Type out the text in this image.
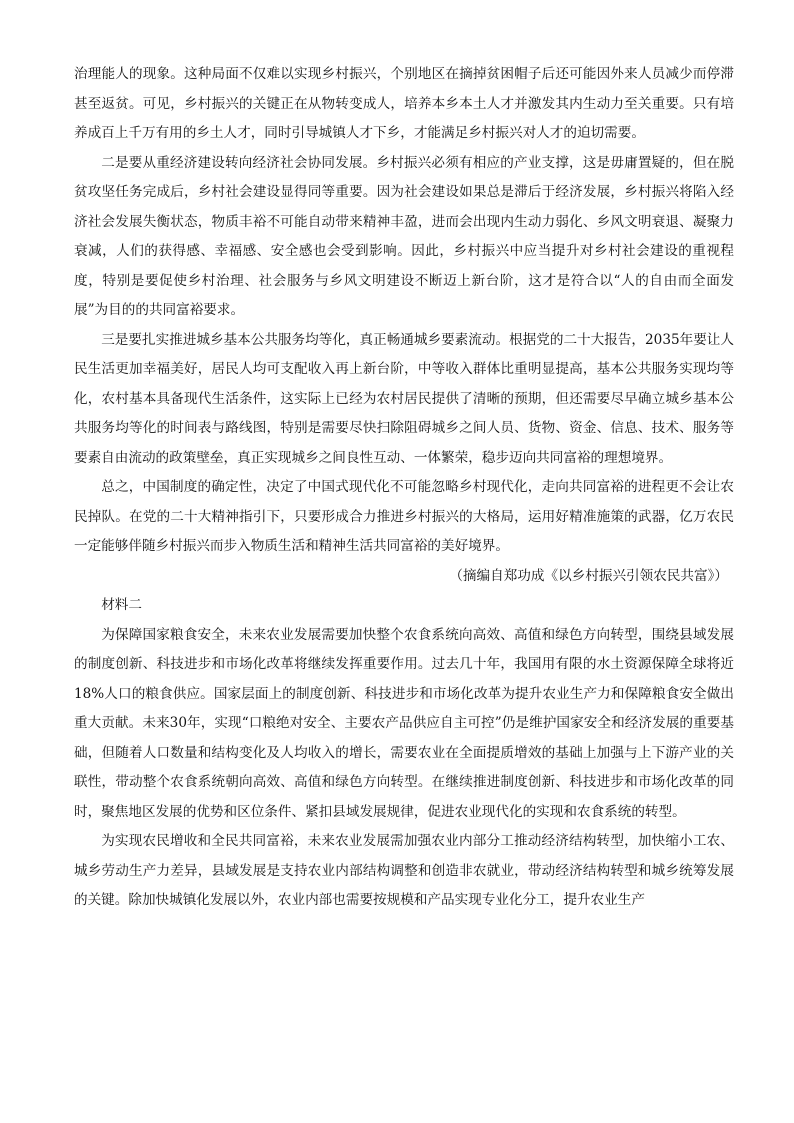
治理能人的现象。这种局面不仅难以实现乡村振兴，个别地区在摘掉贫困帽子后还可能因外来人员减少而停滞甚至返贫。可见，乡村振兴的关键正在从物转变成人，培养本乡本土人才并激发其内生动力至关重要。只有培养成百上千万有用的乡土人才，同时引导城镇人才下乡，才能满足乡村振兴对人才的迫切需要。

二是要从重经济建设转向经济社会协同发展。乡村振兴必须有相应的产业支撑，这是毋庸置疑的，但在脱贫攻坚任务完成后，乡村社会建设显得同等重要。因为社会建设如果总是滞后于经济发展，乡村振兴将陷入经济社会发展失衡状态，物质丰裕不可能自动带来精神丰盈，进而会出现内生动力弱化、乡风文明衰退、凝聚力衰减，人们的获得感、幸福感、安全感也会受到影响。因此，乡村振兴中应当提升对乡村社会建设的重视程度，特别是要促使乡村治理、社会服务与乡风文明建设不断迈上新台阶，这才是符合以“人的自由而全面发展”为目的的共同富裕要求。

三是要扎实推进城乡基本公共服务均等化，真正畅通城乡要素流动。根据党的二十大报告，2035年要让人民生活更加幸福美好，居民人均可支配收入再上新台阶，中等收入群体比重明显提高，基本公共服务实现均等化，农村基本具备现代生活条件，这实际上已经为农村居民提供了清晰的预期，但还需要尽早确立城乡基本公共服务均等化的时间表与路线图，特别是需要尽快扫除阻碍城乡之间人员、货物、资金、信息、技术、服务等要素自由流动的政策壁垒，真正实现城乡之间良性互动、一体繁荣，稳步迈向共同富裕的理想境界。

总之，中国制度的确定性，决定了中国式现代化不可能忽略乡村现代化，走向共同富裕的进程更不会让农民掉队。在党的二十大精神指引下，只要形成合力推进乡村振兴的大格局，运用好精准施策的武器，亿万农民一定能够伴随乡村振兴而步入物质生活和精神生活共同富裕的美好境界。

（摘编自郑功成《以乡村振兴引领农民共富》）

材料二

为保障国家粮食安全，未来农业发展需要加快整个农食系统向高效、高值和绿色方向转型，围绕县域发展的制度创新、科技进步和市场化改革将继续发挥重要作用。过去几十年，我国用有限的水土资源保障全球将近18%人口的粮食供应。国家层面上的制度创新、科技进步和市场化改革为提升农业生产力和保障粮食安全做出重大贡献。未来30年，实现“口粮绝对安全、主要农产品供应自主可控”仍是维护国家安全和经济发展的重要基础，但随着人口数量和结构变化及人均收入的增长，需要农业在全面提质增效的基础上加强与上下游产业的关联性，带动整个农食系统朝向高效、高值和绿色方向转型。在继续推进制度创新、科技进步和市场化改革的同时，聚焦地区发展的优势和区位条件、紧扣县域发展规律，促进农业现代化的实现和农食系统的转型。

为实现农民增收和全民共同富裕，未来农业发展需加强农业内部分工推动经济结构转型，加快缩小工农、城乡劳动生产力差异，县域发展是支持农业内部结构调整和创造非农就业，带动经济结构转型和城乡统筹发展的关键。除加快城镇化发展以外，农业内部也需要按规模和产品实现专业化分工，提升农业生产
